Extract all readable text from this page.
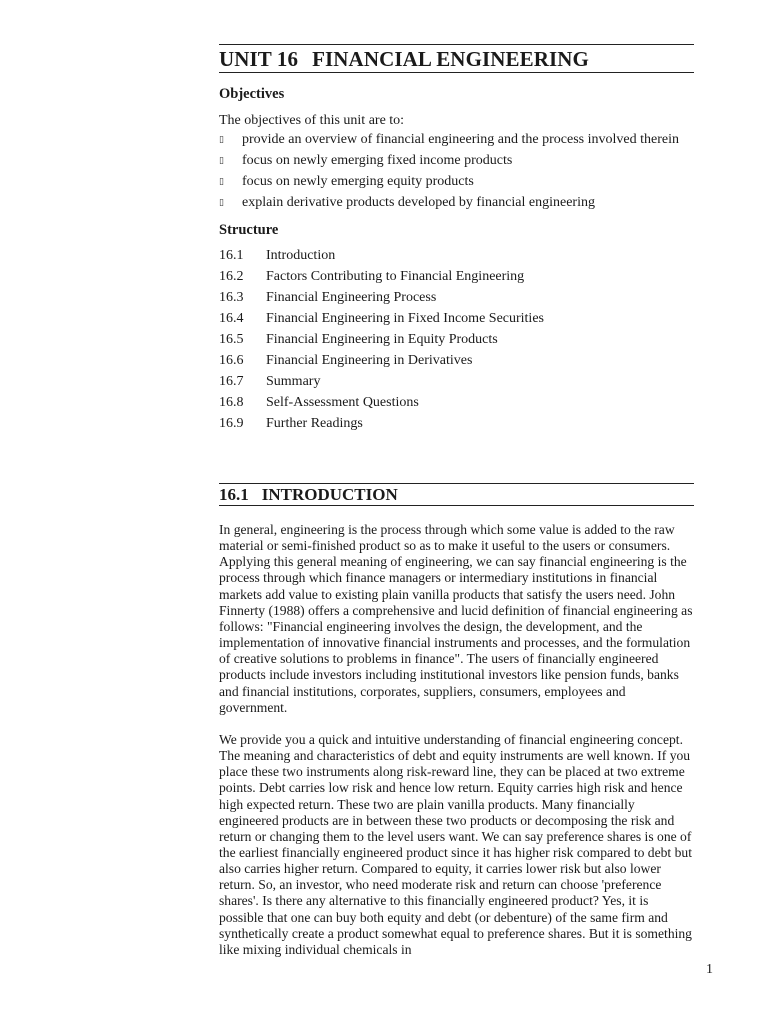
UNIT 16 FINANCIAL ENGINEERING
Objectives
The objectives of this unit are to:
▯ provide an overview of financial engineering and the process involved therein
▯ focus on newly emerging fixed income products
▯ focus on newly emerging equity products
▯ explain derivative products developed by financial engineering
Structure
16.1	Introduction
16.2	Factors Contributing to Financial Engineering
16.3	Financial Engineering Process
16.4	Financial Engineering in Fixed Income Securities
16.5	Financial Engineering in Equity Products
16.6	Financial Engineering in Derivatives
16.7	Summary
16.8	Self-Assessment Questions
16.9	Further Readings
16.1 INTRODUCTION

In general, engineering is the process through which some value is added to the raw material or semi-finished product so as to make it useful to the users or consumers. Applying this general meaning of engineering, we can say financial engineering is the process through which finance managers or intermediary institutions in financial markets add value to existing plain vanilla products that satisfy the users need. John Finnerty (1988) offers a comprehensive and lucid definition of financial engineering as follows: "Financial engineering involves the design, the development, and the implementation of innovative financial instruments and processes, and the formulation of creative solutions to problems in finance". The users of financially engineered products include investors including institutional investors like pension funds, banks and financial institutions, corporates, suppliers, consumers, employees and government.

We provide you a quick and intuitive understanding of financial engineering concept. The meaning and characteristics of debt and equity instruments are well known. If you place these two instruments along risk-reward line, they can be placed at two extreme points. Debt carries low risk and hence low return. Equity carries high risk and hence high expected return. These two are plain vanilla products. Many financially engineered products are in between these two products or decomposing the risk and return or changing them to the level users want. We can say preference shares is one of the earliest financially engineered product since it has higher risk compared to debt but also carries higher return. Compared to equity, it carries lower risk but also lower return. So, an investor, who need moderate risk and return can choose 'preference shares'. Is there any alternative to this financially engineered product? Yes, it is possible that one can buy both equity and debt (or debenture) of the same firm and synthetically create a product somewhat equal to preference shares. But it is something like mixing individual chemicals in

1
